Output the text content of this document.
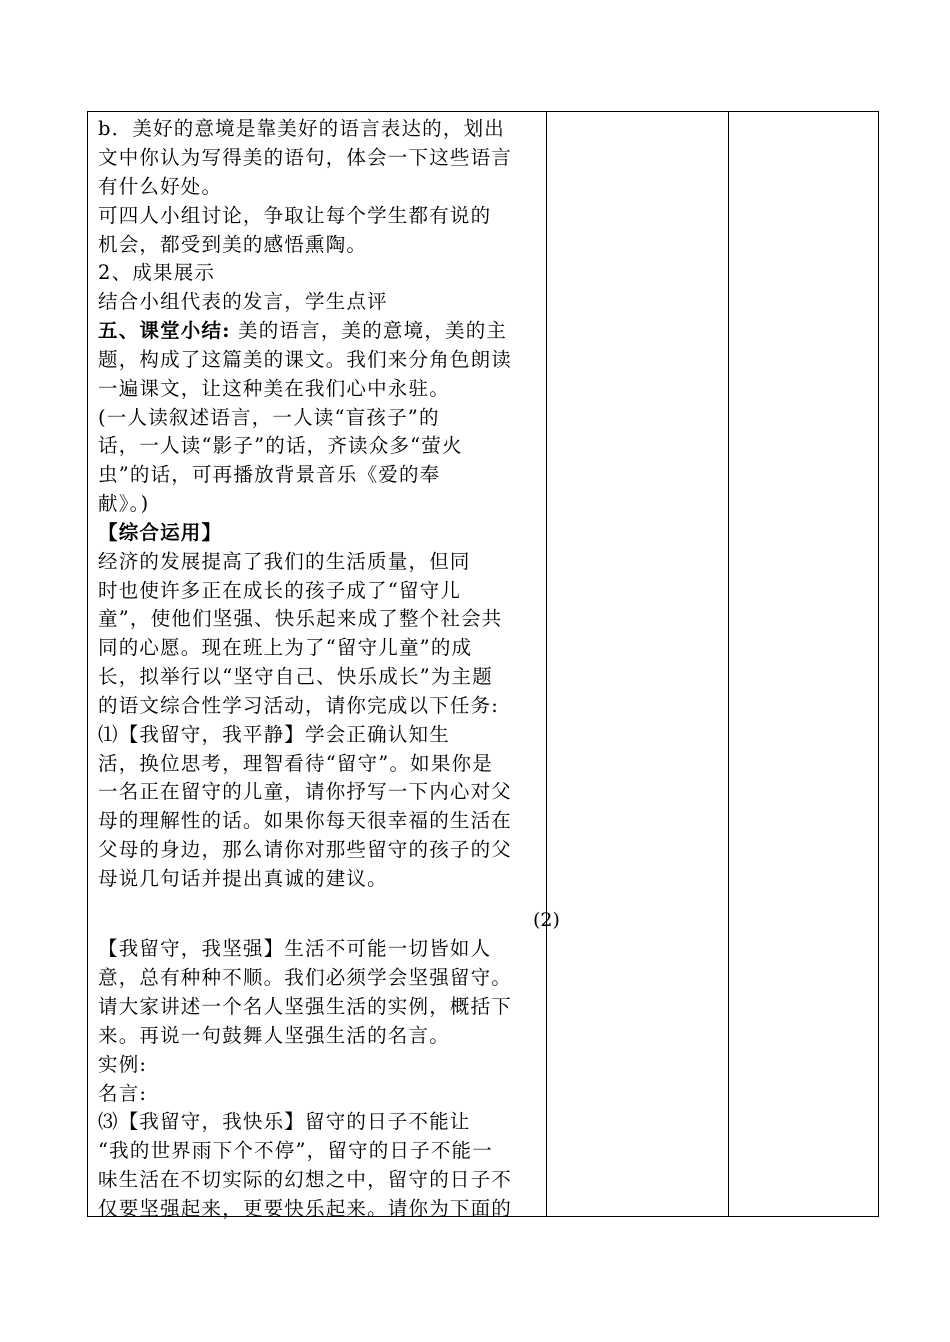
b．美好的意境是靠美好的语言表达的，划出
文中你认为写得美的语句，体会一下这些语言
有什么好处。
可四人小组讨论，争取让每个学生都有说的
机会，都受到美的感悟熏陶。
2、成果展示
结合小组代表的发言，学生点评
五、课堂小结: 美的语言，美的意境，美的主
题，构成了这篇美的课文。我们来分角色朗读
一遍课文，让这种美在我们心中永驻。
(一人读叙述语言，一人读“盲孩子”的
话，一人读“影子”的话，齐读众多“萤火
虫”的话，可再播放背景音乐《爱的奉
献》。)
【综合运用】
经济的发展提高了我们的生活质量，但同
时也使许多正在成长的孩子成了“留守儿
童”，使他们坚强、快乐起来成了整个社会共
同的心愿。现在班上为了“留守儿童”的成
长，拟举行以“坚守自己、快乐成长”为主题
的语文综合性学习活动，请你完成以下任务:
⑴【我留守，我平静】学会正确认知生
活，换位思考，理智看待“留守”。如果你是
一名正在留守的儿童，请你抒写一下内心对父
母的理解性的话。如果你每天很幸福的生活在
父母的身边，那么请你对那些留守的孩子的父
母说几句话并提出真诚的建议。
(2)
【我留守，我坚强】生活不可能一切皆如人
意，总有种种不顺。我们必须学会坚强留守。
请大家讲述一个名人坚强生活的实例，概括下
来。再说一句鼓舞人坚强生活的名言。
实例:
名言:
⑶【我留守，我快乐】留守的日子不能让
“我的世界雨下个不停”，留守的日子不能一
味生活在不切实际的幻想之中，留守的日子不
仅要坚强起来，更要快乐起来。请你为下面的
